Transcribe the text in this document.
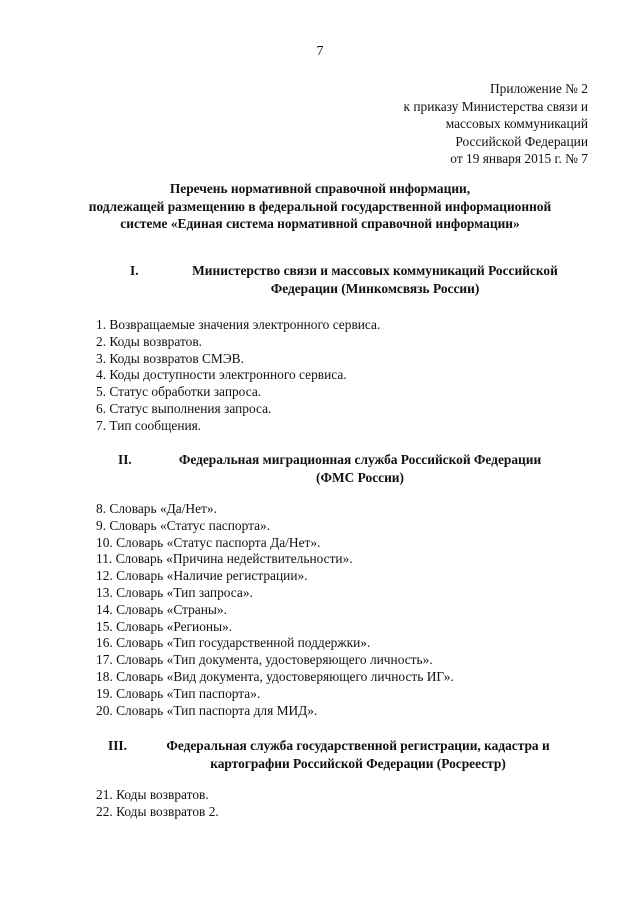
7
Приложение № 2
к приказу Министерства связи и
массовых коммуникаций
Российской Федерации
от 19 января 2015 г. № 7
Перечень нормативной справочной информации,
подлежащей размещению в федеральной государственной информационной
системе «Единая система нормативной справочной информации»
I.	Министерство связи и массовых коммуникаций Российской
Федерации (Минкомсвязь России)
1. Возвращаемые значения электронного сервиса.
2. Коды возвратов.
3. Коды возвратов СМЭВ.
4. Коды доступности электронного сервиса.
5. Статус обработки запроса.
6. Статус выполнения запроса.
7. Тип сообщения.
II.	Федеральная миграционная служба Российской Федерации
(ФМС России)
8. Словарь «Да/Нет».
9. Словарь «Статус паспорта».
10. Словарь «Статус паспорта Да/Нет».
11. Словарь «Причина недействительности».
12. Словарь «Наличие регистрации».
13. Словарь «Тип запроса».
14. Словарь «Страны».
15. Словарь «Регионы».
16. Словарь «Тип государственной поддержки».
17. Словарь «Тип документа, удостоверяющего личность».
18. Словарь «Вид документа, удостоверяющего личность ИГ».
19. Словарь «Тип паспорта».
20. Словарь «Тип паспорта для МИД».
III.	Федеральная служба государственной регистрации, кадастра и
картографии Российской Федерации (Росреестр)
21. Коды возвратов.
22. Коды возвратов 2.
